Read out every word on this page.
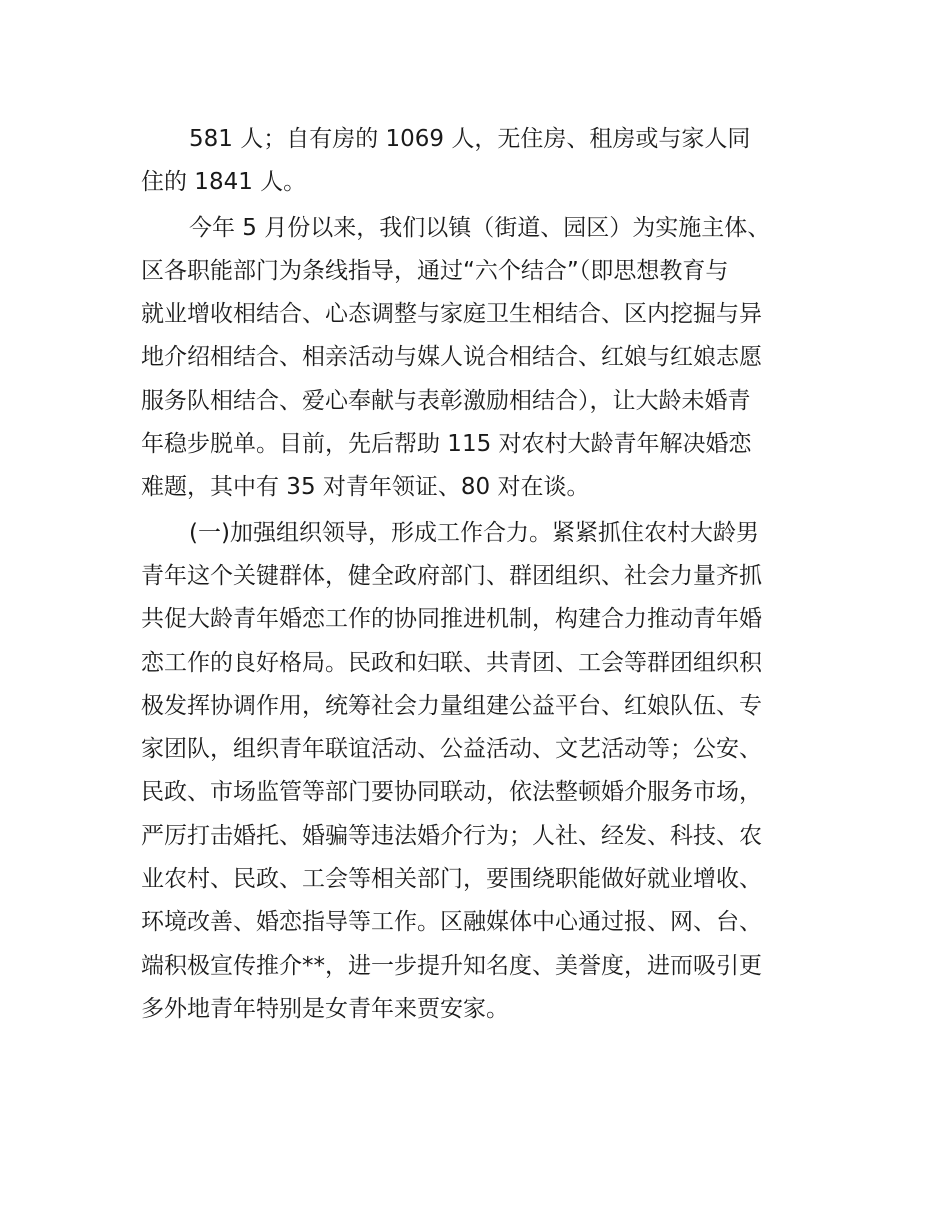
581 人；自有房的 1069 人，无住房、租房或与家人同

住的 1841 人。

今年 5 月份以来，我们以镇（街道、园区）为实施主体、

区各职能部门为条线指导，通过“六个结合”（即思想教育与

就业增收相结合、心态调整与家庭卫生相结合、区内挖掘与异

地介绍相结合、相亲活动与媒人说合相结合、红娘与红娘志愿

服务队相结合、爱心奉献与表彰激励相结合），让大龄未婚青

年稳步脱单。目前，先后帮助 115 对农村大龄青年解决婚恋

难题，其中有 35 对青年领证、80 对在谈。

(一)加强组织领导，形成工作合力。紧紧抓住农村大龄男

青年这个关键群体，健全政府部门、群团组织、社会力量齐抓

共促大龄青年婚恋工作的协同推进机制，构建合力推动青年婚

恋工作的良好格局。民政和妇联、共青团、工会等群团组织积

极发挥协调作用，统筹社会力量组建公益平台、红娘队伍、专

家团队，组织青年联谊活动、公益活动、文艺活动等；公安、

民政、市场监管等部门要协同联动，依法整顿婚介服务市场，

严厉打击婚托、婚骗等违法婚介行为；人社、经发、科技、农

业农村、民政、工会等相关部门，要围绕职能做好就业增收、

环境改善、婚恋指导等工作。区融媒体中心通过报、网、台、

端积极宣传推介**，进一步提升知名度、美誉度，进而吸引更

多外地青年特别是女青年来贾安家。
